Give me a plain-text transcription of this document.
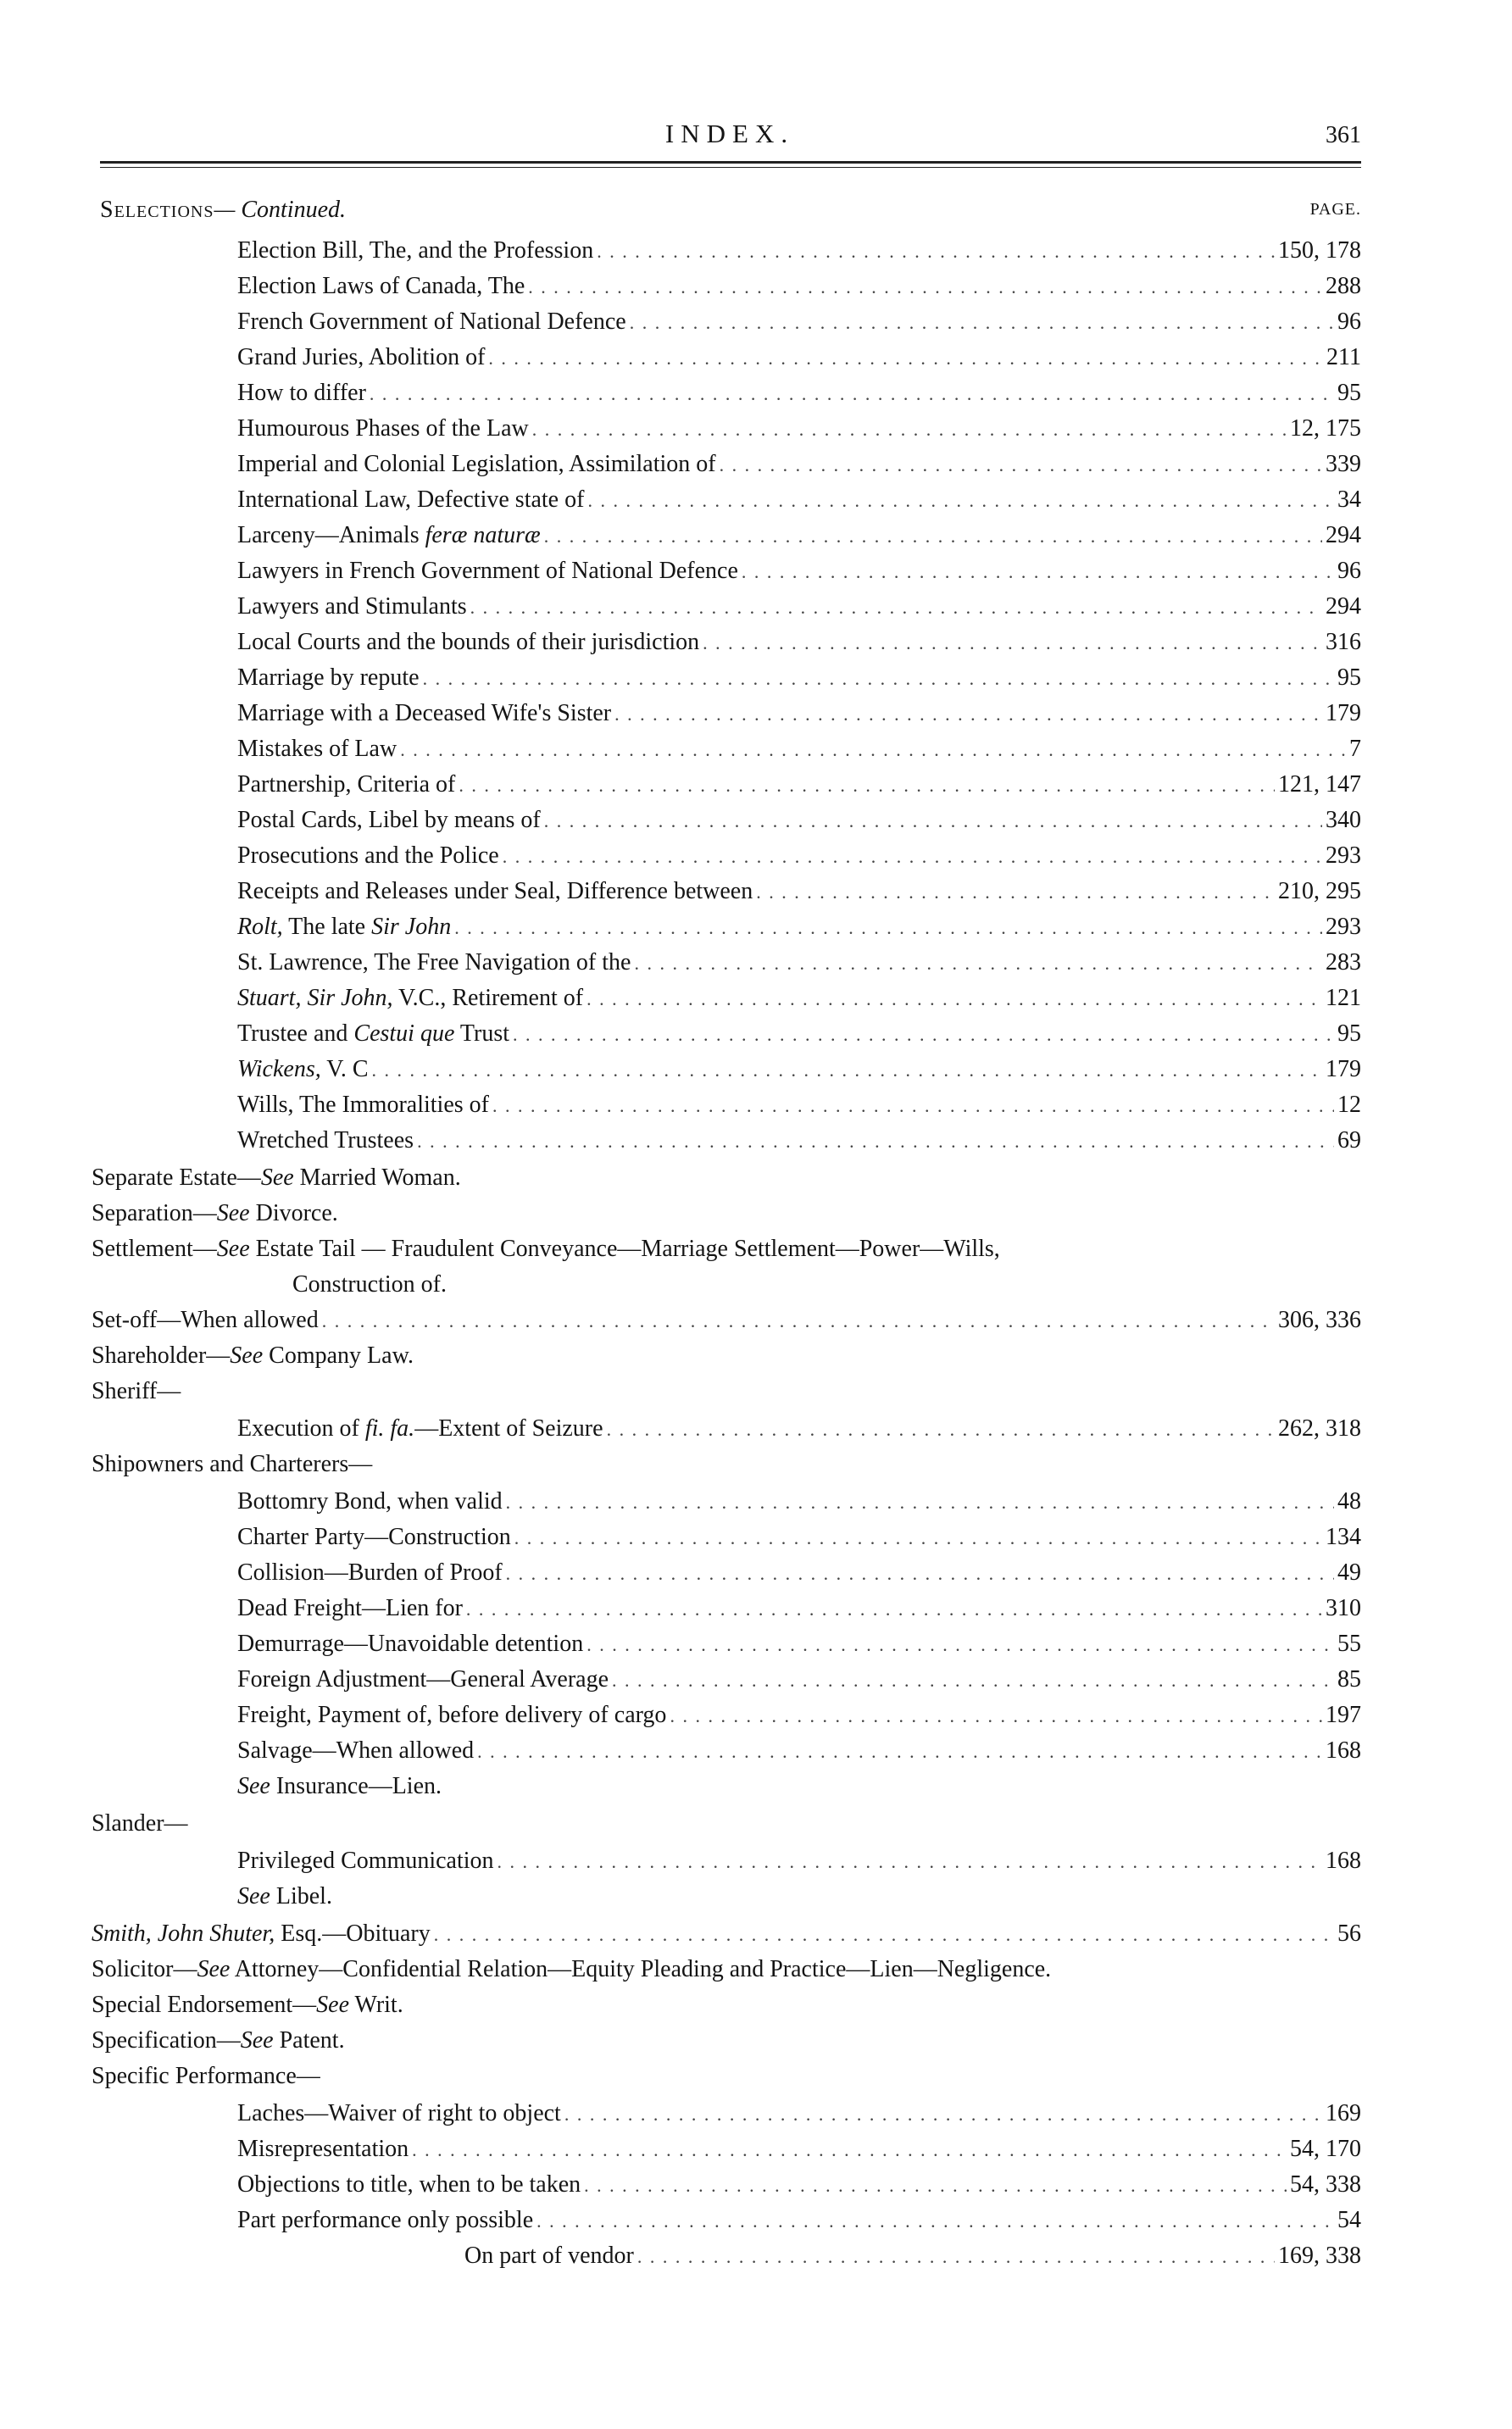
INDEX.	361
Selections— Continued.	PAGE.
Election Bill, The, and the Profession . . .	150, 178
Election Laws of Canada, The . . .	288
French Government of National Defence . . .	96
Grand Juries, Abolition of . . .	211
How to differ . . .	95
Humourous Phases of the Law . . .	12, 175
Imperial and Colonial Legislation, Assimilation of . . .	339
International Law, Defective state of . . .	34
Larceny—Animals feræ naturæ . . .	294
Lawyers in French Government of National Defence . . .	96
Lawyers and Stimulants . . .	294
Local Courts and the bounds of their jurisdiction . . .	316
Marriage by repute . . .	95
Marriage with a Deceased Wife's Sister . . .	179
Mistakes of Law . . .	7
Partnership, Criteria of . . .	121, 147
Postal Cards, Libel by means of . . .	340
Prosecutions and the Police . . .	293
Receipts and Releases under Seal, Difference between . . .	210, 295
Rolt, The late Sir John . . .	293
St. Lawrence, The Free Navigation of the . . .	283
Stuart, Sir John, V.C., Retirement of . . .	121
Trustee and Cestui que Trust . . .	95
Wickens, V. C . . .	179
Wills, The Immoralities of . . .	12
Wretched Trustees . . .	69
Separate Estate—See Married Woman.
Separation—See Divorce.
Settlement—See Estate Tail — Fraudulent Conveyance—Marriage Settlement—Power—Wills,
Construction of.
Set-off—When allowed . . .	306, 336
Shareholder—See Company Law.
Sheriff—
Execution of fi. fa.—Extent of Seizure . . .	262, 318
Shipowners and Charterers—
Bottomry Bond, when valid . . .	48
Charter Party—Construction . . .	134
Collision—Burden of Proof . . .	49
Dead Freight—Lien for . . .	310
Demurrage—Unavoidable detention . . .	55
Foreign Adjustment—General Average . . .	85
Freight, Payment of, before delivery of cargo . . .	197
Salvage—When allowed . . .	168
See Insurance—Lien.
Slander—
Privileged Communication . . .	168
See Libel.
Smith, John Shuter, Esq.—Obituary . . .	56
Solicitor—See Attorney—Confidential Relation—Equity Pleading and Practice—Lien—Negligence.
Special Endorsement—See Writ.
Specification—See Patent.
Specific Performance—
Laches—Waiver of right to object . . .	169
Misrepresentation . . .	54, 170
Objections to title, when to be taken . . .	54, 338
Part performance only possible . . .	54
On part of vendor . . .	169, 338
